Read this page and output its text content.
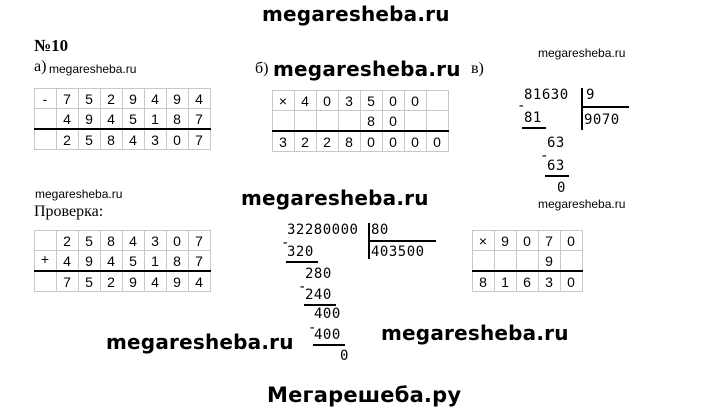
megaresheba.ru
megaresheba.ru
megaresheba.ru
megaresheba.ru	megaresheba.ru	megaresheba.ru
megaresheba.ru	megaresheba.ru
Мегарешеба.ру
№10
а) megaresheba.ru	б)	в)
Проверка:
-	7	5	2	9	4	9	4
	4	9	4	5	1	8	7
	2	5	8	4	3	0	7
×	4	0	3	5	0	0	
				8	0		
3	2	2	8	0	0	0	0
81630 9
9070
-
81
63
-
63
0
	2	5	8	4	3	0	7
+	4	9	4	5	1	8	7
	7	5	2	9	4	9	4
32280000 80
403500
-
320
280
-
240
400
-
400
0
×	9	0	7	0
			9	
8	1	6	3	0
